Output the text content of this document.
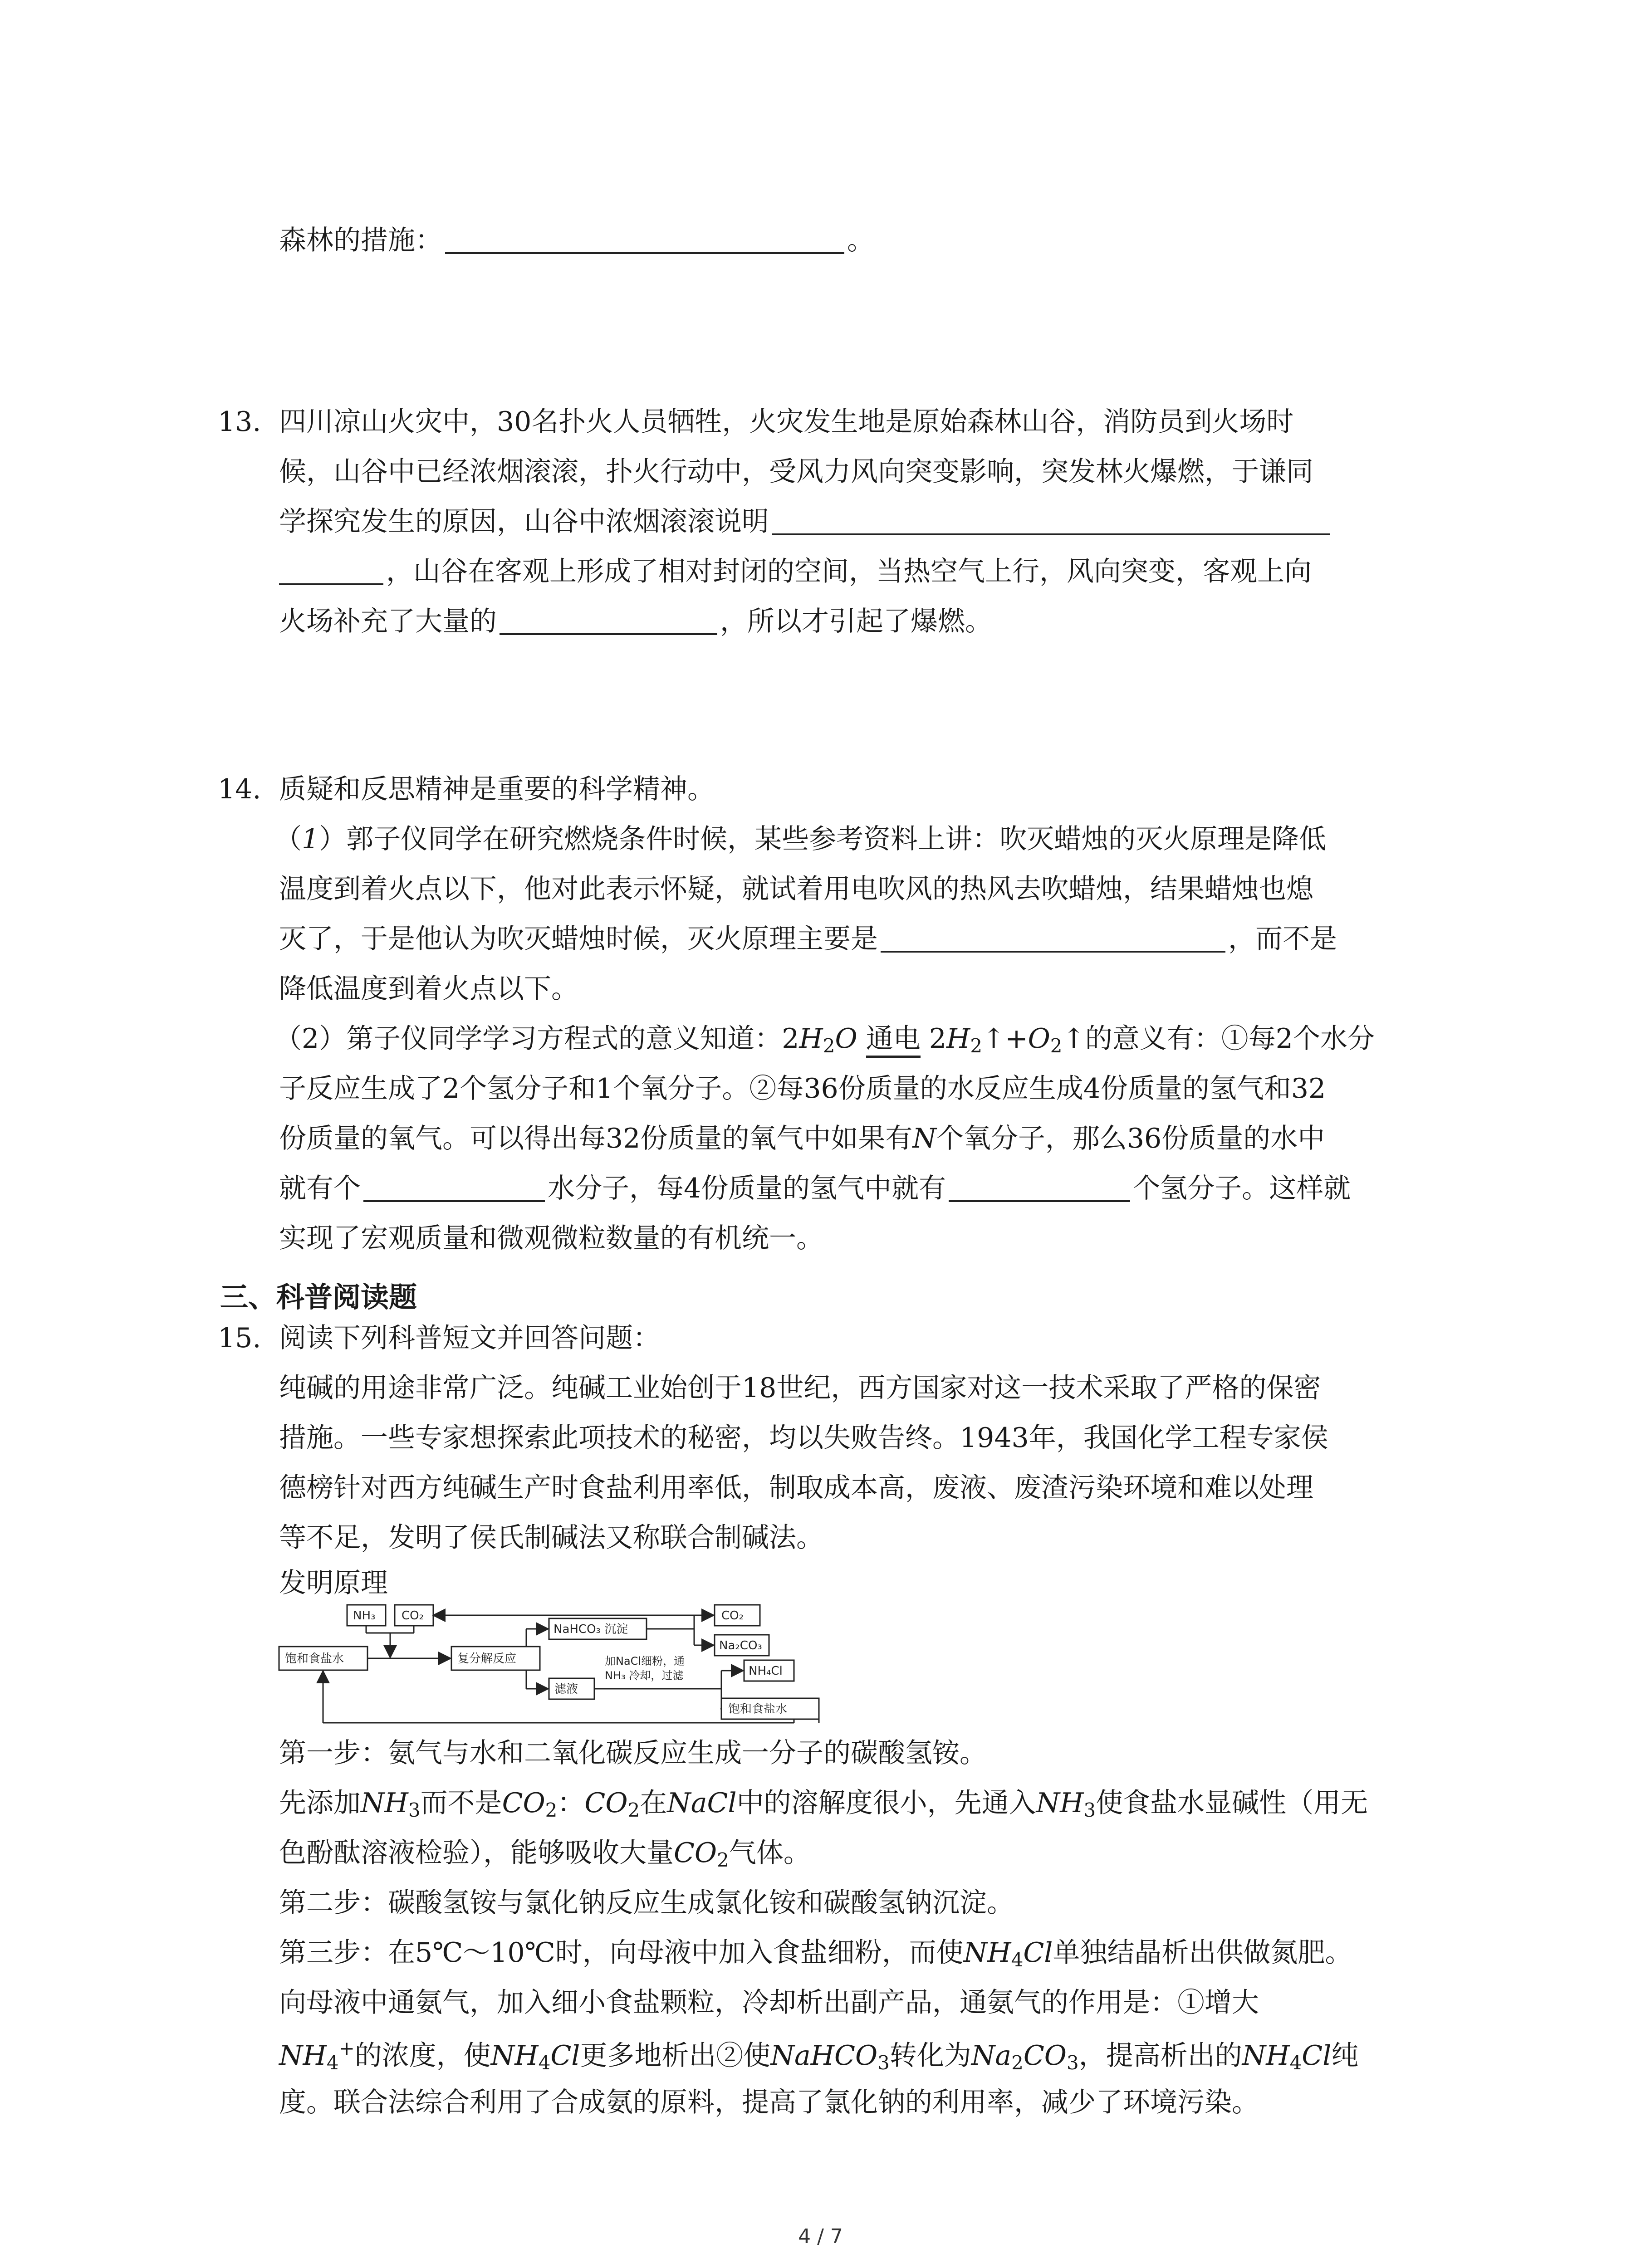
森林的措施：	。
13. 四川凉山火灾中，30名扑火人员牺牲，火灾发生地是原始森林山谷，消防员到火场时
候，山谷中已经浓烟滚滚，扑火行动中，受风力风向突变影响，突发林火爆燃，于谦同
学探究发生的原因，山谷中浓烟滚滚说明
，山谷在客观上形成了相对封闭的空间，当热空气上行，风向突变，客观上向
火场补充了大量的	，所以才引起了爆燃。
14. 质疑和反思精神是重要的科学精神。
（1）郭子仪同学在研究燃烧条件时候，某些参考资料上讲：吹灭蜡烛的灭火原理是降低
温度到着火点以下，他对此表示怀疑，就试着用电吹风的热风去吹蜡烛，结果蜡烛也熄
灭了，于是他认为吹灭蜡烛时候，灭火原理主要是	，而不是
降低温度到着火点以下。
（2）第子仪同学学习方程式的意义知道：$2H_2O$ 通电 $2H_2↑+O_2↑$的意义有：①每2个水分
子反应生成了2个氢分子和1个氧分子。②每36份质量的水反应生成4份质量的氢气和32
份质量的氧气。可以得出每32份质量的氧气中如果有N个氧分子，那么36份质量的水中
就有个	水分子，每4份质量的氢气中就有	个氢分子。这样就
实现了宏观质量和微观微粒数量的有机统一。
三、科普阅读题
15. 阅读下列科普短文并回答问题：
纯碱的用途非常广泛。纯碱工业始创于18世纪，西方国家对这一技术采取了严格的保密
措施。一些专家想探索此项技术的秘密，均以失败告终。1943年，我国化学工程专家侯
德榜针对西方纯碱生产时食盐利用率低，制取成本高，废液、废渣污染环境和难以处理
等不足，发明了侯氏制碱法又称联合制碱法。
发明原理
NH₃ CO₂
饱和食盐水	复分解反应
NaHCO₃ 沉淀
滤液
加NaCl细粉，通
NH₃ 冷却，过滤
CO₂
Na₂CO₃
NH₄Cl
饱和食盐水
第一步：氨气与水和二氧化碳反应生成一分子的碳酸氢铵。
先添加$NH_3$而不是$CO_2$：$CO_2$在NaCl中的溶解度很小，先通入$NH_3$使食盐水显碱性（用无
色酚酞溶液检验），能够吸收大量$CO_2$气体。
第二步：碳酸氢铵与氯化钠反应生成氯化铵和碳酸氢钠沉淀。
第三步：在5℃～10℃时，向母液中加入食盐细粉，而使$NH_4Cl$单独结晶析出供做氮肥。
向母液中通氨气，加入细小食盐颗粒，冷却析出副产品，通氨气的作用是：①增大
$NH_4^+$的浓度，使$NH_4Cl$更多地析出②使NaHCO$_3$转化为$Na_2CO_3$，提高析出的$NH_4Cl$纯
度。联合法综合利用了合成氨的原料，提高了氯化钠的利用率，减少了环境污染。
4 / 7
